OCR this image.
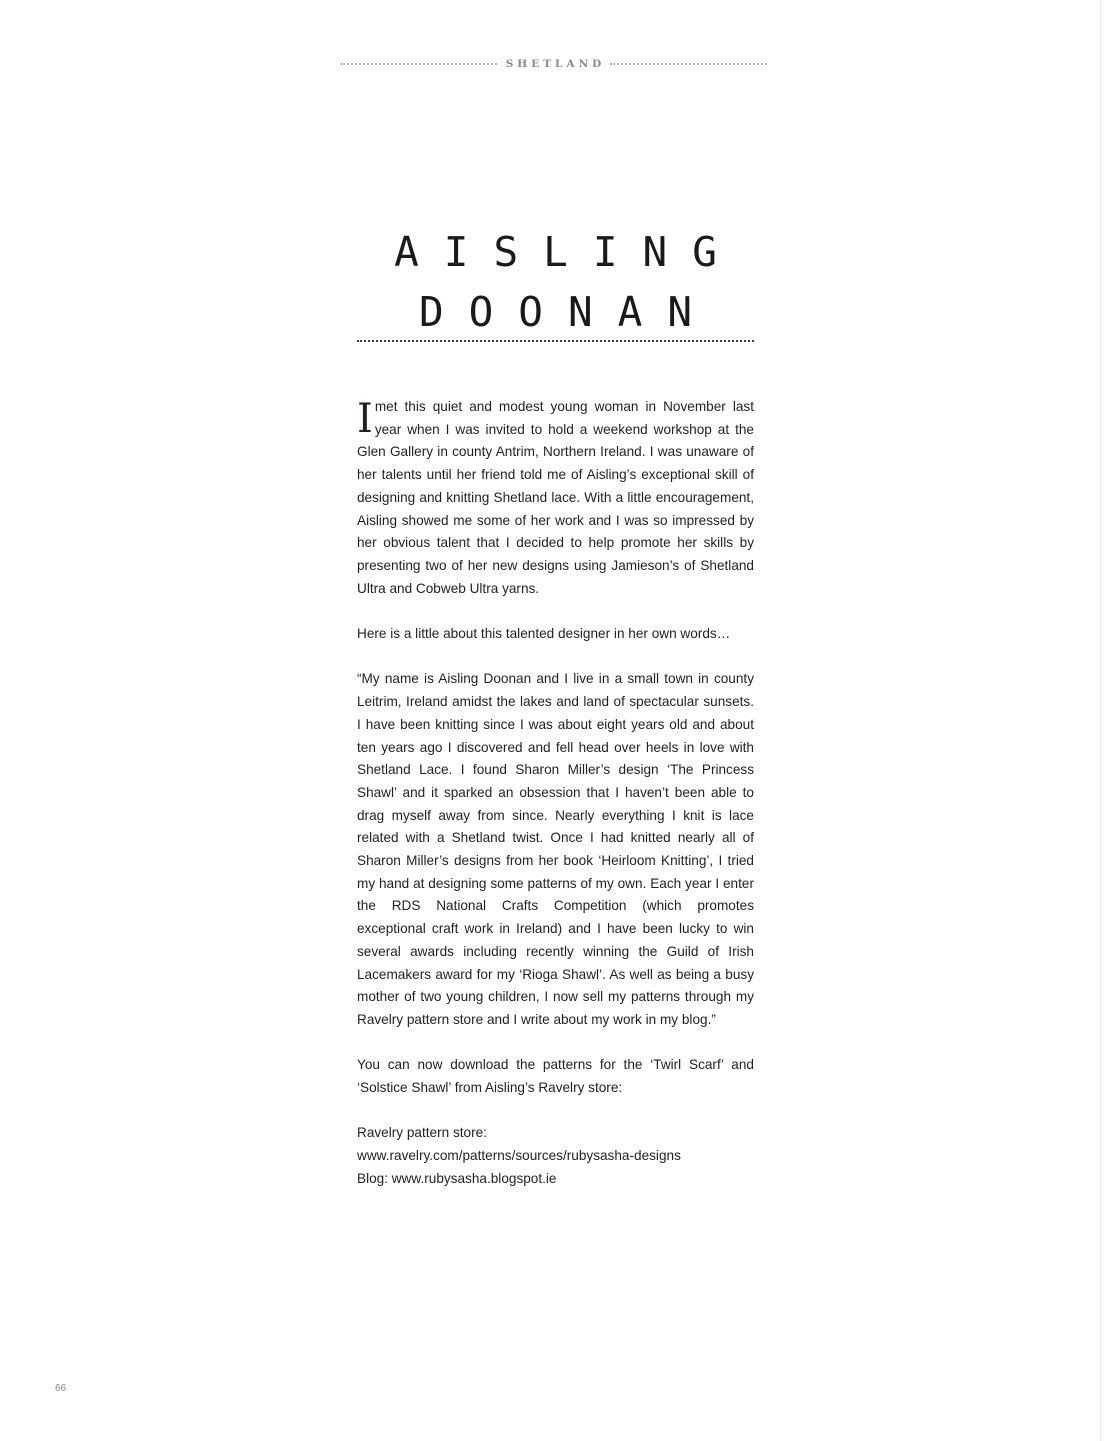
SHETLAND
AISLING
DOONAN

Imet this quiet and modest young woman in November last year when I was invited to hold a weekend workshop at the Glen Gallery in county Antrim, Northern Ireland. I was unaware of her talents until her friend told me of Aisling’s exceptional skill of designing and knitting Shetland lace. With a little encouragement, Aisling showed me some of her work and I was so impressed by her obvious talent that I decided to help promote her skills by presenting two of her new designs using Jamieson’s of Shetland Ultra and Cobweb Ultra yarns.

Here is a little about this talented designer in her own words…

“My name is Aisling Doonan and I live in a small town in county Leitrim, Ireland amidst the lakes and land of spectacular sunsets. I have been knitting since I was about eight years old and about ten years ago I discovered and fell head over heels in love with Shetland Lace. I found Sharon Miller’s design ‘The Princess Shawl’ and it sparked an obsession that I haven’t been able to drag myself away from since. Nearly everything I knit is lace related with a Shetland twist. Once I had knitted nearly all of Sharon Miller’s designs from her book ‘Heirloom Knitting’, I tried my hand at designing some patterns of my own. Each year I enter the RDS National Crafts Competition (which promotes exceptional craft work in Ireland) and I have been lucky to win several awards including recently winning the Guild of Irish Lacemakers award for my ‘Rioga Shawl’. As well as being a busy mother of two young children, I now sell my patterns through my Ravelry pattern store and I write about my work in my blog.”

You can now download the patterns for the ‘Twirl Scarf’ and ‘Solstice Shawl’ from Aisling’s Ravelry store:

Ravelry pattern store:
www.ravelry.com/patterns/sources/rubysasha-designs
Blog: www.rubysasha.blogspot.ie

66
